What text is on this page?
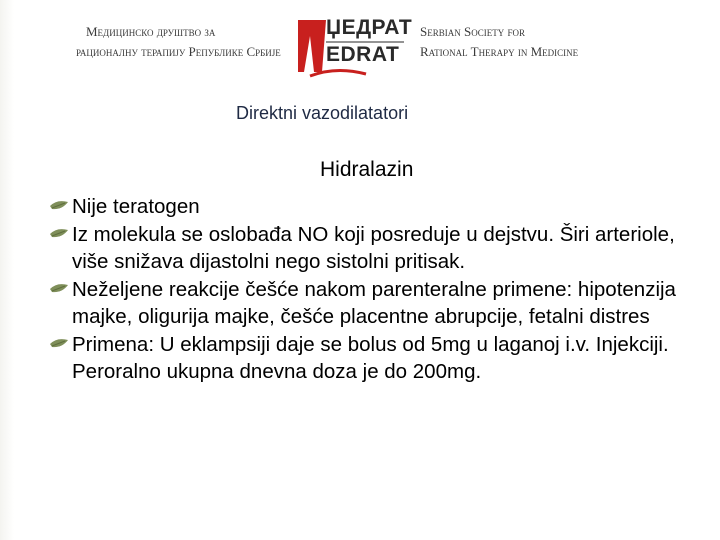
Медицинско друштво за
рационалну терапију Републике Србије
ЏЕДРАТ
EDRAT
Serbian Society for
Rational Therapy in Medicine
Direktni vazodilatatori
Hidralazin
Nije teratogen
Iz molekula se oslobađa NO koji posreduje u dejstvu. Širi arteriole, više snižava dijastolni nego sistolni pritisak.
Neželjene reakcije češće nakom parenteralne primene: hipotenzija majke, oligurija majke, češće placentne abrupcije, fetalni distres
Primena: U eklampsiji daje se bolus od 5mg u laganoj i.v. Injekciji. Peroralno ukupna dnevna doza je do 200mg.
